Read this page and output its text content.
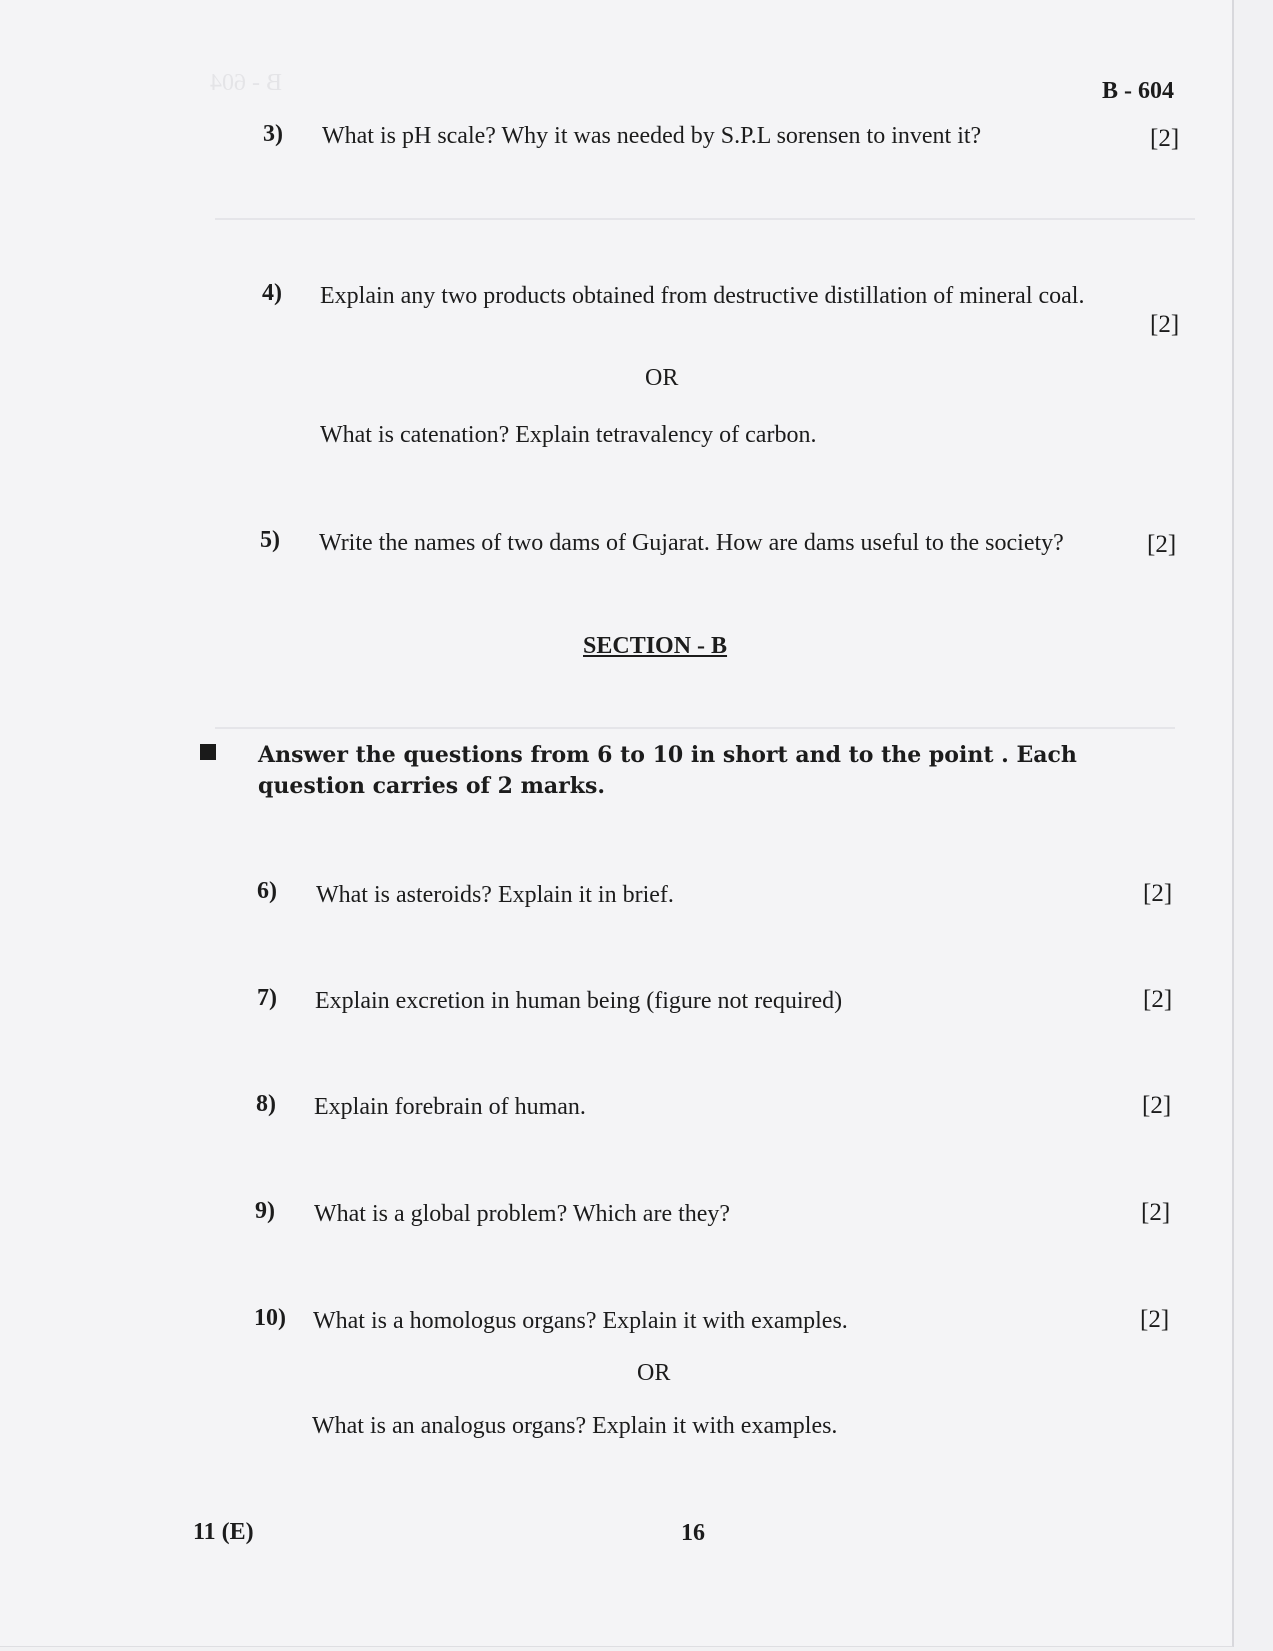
B - 604	B - 604
3) What is pH scale? Why it was needed by S.P.L sorensen to invent it?	[2]
4) Explain any two products obtained from destructive distillation of mineral coal.
[2]
OR
What is catenation? Explain tetravalency of carbon.
5) Write the names of two dams of Gujarat. How are dams useful to the society?	[2]
SECTION - B
Answer the questions from 6 to 10 in short and to the point . Each question carries of 2 marks.
6) What is asteroids? Explain it in brief.	[2]
7) Explain excretion in human being (figure not required)	[2]
8) Explain forebrain of human.	[2]
9) What is a global problem? Which are they?	[2]
10) What is a homologus organs? Explain it with examples.	[2]
OR
What is an analogus organs? Explain it with examples.
11 (E)	16
